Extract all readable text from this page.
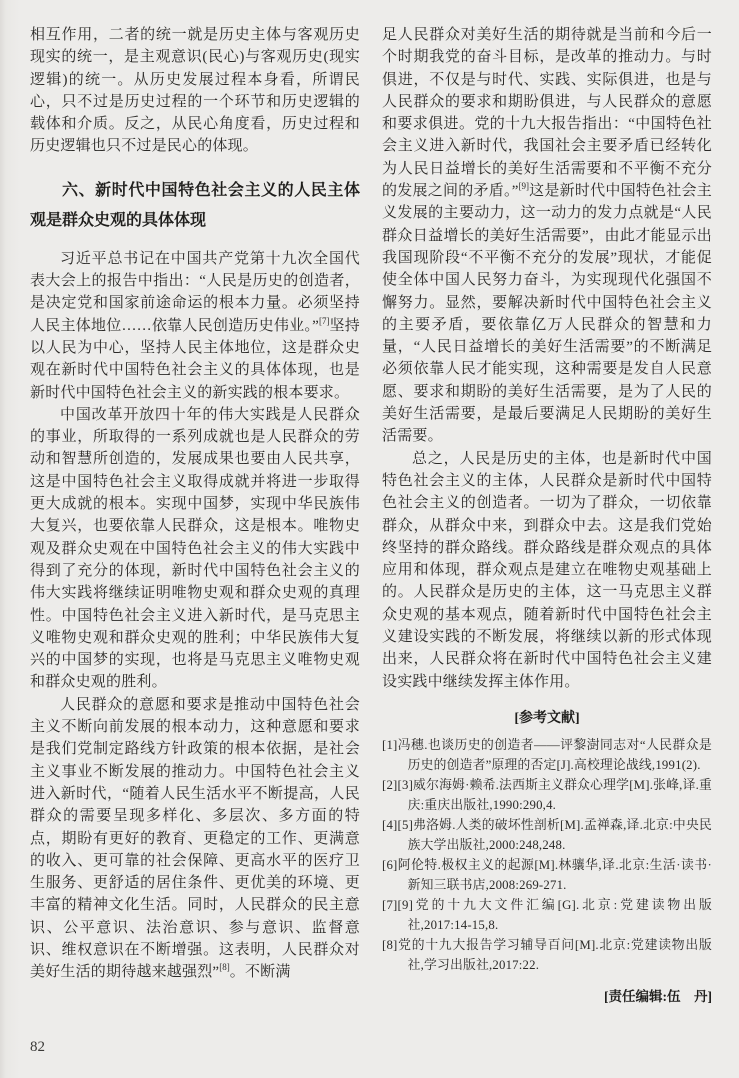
相互作用，二者的统一就是历史主体与客观历史现实的统一，是主观意识(民心)与客观历史(现实逻辑)的统一。从历史发展过程本身看，所谓民心，只不过是历史过程的一个环节和历史逻辑的载体和介质。反之，从民心角度看，历史过程和历史逻辑也只不过是民心的体现。

六、新时代中国特色社会主义的人民主体观是群众史观的具体体现

习近平总书记在中国共产党第十九次全国代表大会上的报告中指出：“人民是历史的创造者，是决定党和国家前途命运的根本力量。必须坚持人民主体地位……依靠人民创造历史伟业。”[7]坚持以人民为中心，坚持人民主体地位，这是群众史观在新时代中国特色社会主义的具体体现，也是新时代中国特色社会主义的新实践的根本要求。

中国改革开放四十年的伟大实践是人民群众的事业，所取得的一系列成就也是人民群众的劳动和智慧所创造的，发展成果也要由人民共享，这是中国特色社会主义取得成就并将进一步取得更大成就的根本。实现中国梦，实现中华民族伟大复兴，也要依靠人民群众，这是根本。唯物史观及群众史观在中国特色社会主义的伟大实践中得到了充分的体现，新时代中国特色社会主义的伟大实践将继续证明唯物史观和群众史观的真理性。中国特色社会主义进入新时代，是马克思主义唯物史观和群众史观的胜利；中华民族伟大复兴的中国梦的实现，也将是马克思主义唯物史观和群众史观的胜利。

人民群众的意愿和要求是推动中国特色社会主义不断向前发展的根本动力，这种意愿和要求是我们党制定路线方针政策的根本依据，是社会主义事业不断发展的推动力。中国特色社会主义进入新时代，“随着人民生活水平不断提高，人民群众的需要呈现多样化、多层次、多方面的特点，期盼有更好的教育、更稳定的工作、更满意的收入、更可靠的社会保障、更高水平的医疗卫生服务、更舒适的居住条件、更优美的环境、更丰富的精神文化生活。同时，人民群众的民主意识、公平意识、法治意识、参与意识、监督意识、维权意识在不断增强。这表明，人民群众对美好生活的期待越来越强烈”[8]。不断满

足人民群众对美好生活的期待就是当前和今后一个时期我党的奋斗目标，是改革的推动力。与时俱进，不仅是与时代、实践、实际俱进，也是与人民群众的要求和期盼俱进，与人民群众的意愿和要求俱进。党的十九大报告指出：“中国特色社会主义进入新时代，我国社会主要矛盾已经转化为人民日益增长的美好生活需要和不平衡不充分的发展之间的矛盾。”[9]这是新时代中国特色社会主义发展的主要动力，这一动力的发力点就是“人民群众日益增长的美好生活需要”，由此才能显示出我国现阶段“不平衡不充分的发展”现状，才能促使全体中国人民努力奋斗，为实现现代化强国不懈努力。显然，要解决新时代中国特色社会主义的主要矛盾，要依靠亿万人民群众的智慧和力量，“人民日益增长的美好生活需要”的不断满足必须依靠人民才能实现，这种需要是发自人民意愿、要求和期盼的美好生活需要，是为了人民的美好生活需要，是最后要满足人民期盼的美好生活需要。

总之，人民是历史的主体，也是新时代中国特色社会主义的主体，人民群众是新时代中国特色社会主义的创造者。一切为了群众，一切依靠群众，从群众中来，到群众中去。这是我们党始终坚持的群众路线。群众路线是群众观点的具体应用和体现，群众观点是建立在唯物史观基础上的。人民群众是历史的主体，这一马克思主义群众史观的基本观点，随着新时代中国特色社会主义建设实践的不断发展，将继续以新的形式体现出来，人民群众将在新时代中国特色社会主义建设实践中继续发挥主体作用。

[参考文献]

[1]冯穗.也谈历史的创造者——评黎澍同志对“人民群众是历史的创造者”原理的否定[J].高校理论战线,1991(2).

[2][3]威尔海姆·赖希.法西斯主义群众心理学[M].张峰,译.重庆:重庆出版社,1990:290,4.

[4][5]弗洛姆.人类的破坏性剖析[M].孟禅森,译.北京:中央民族大学出版社,2000:248,248.

[6]阿伦特.极权主义的起源[M].林骧华,译.北京:生活·读书·新知三联书店,2008:269-271.

[7][9]党的十九大文件汇编[G].北京:党建读物出版社,2017:14-15,8.

[8]党的十九大报告学习辅导百问[M].北京:党建读物出版社,学习出版社,2017:22.

[责任编辑:伍　丹]
82
